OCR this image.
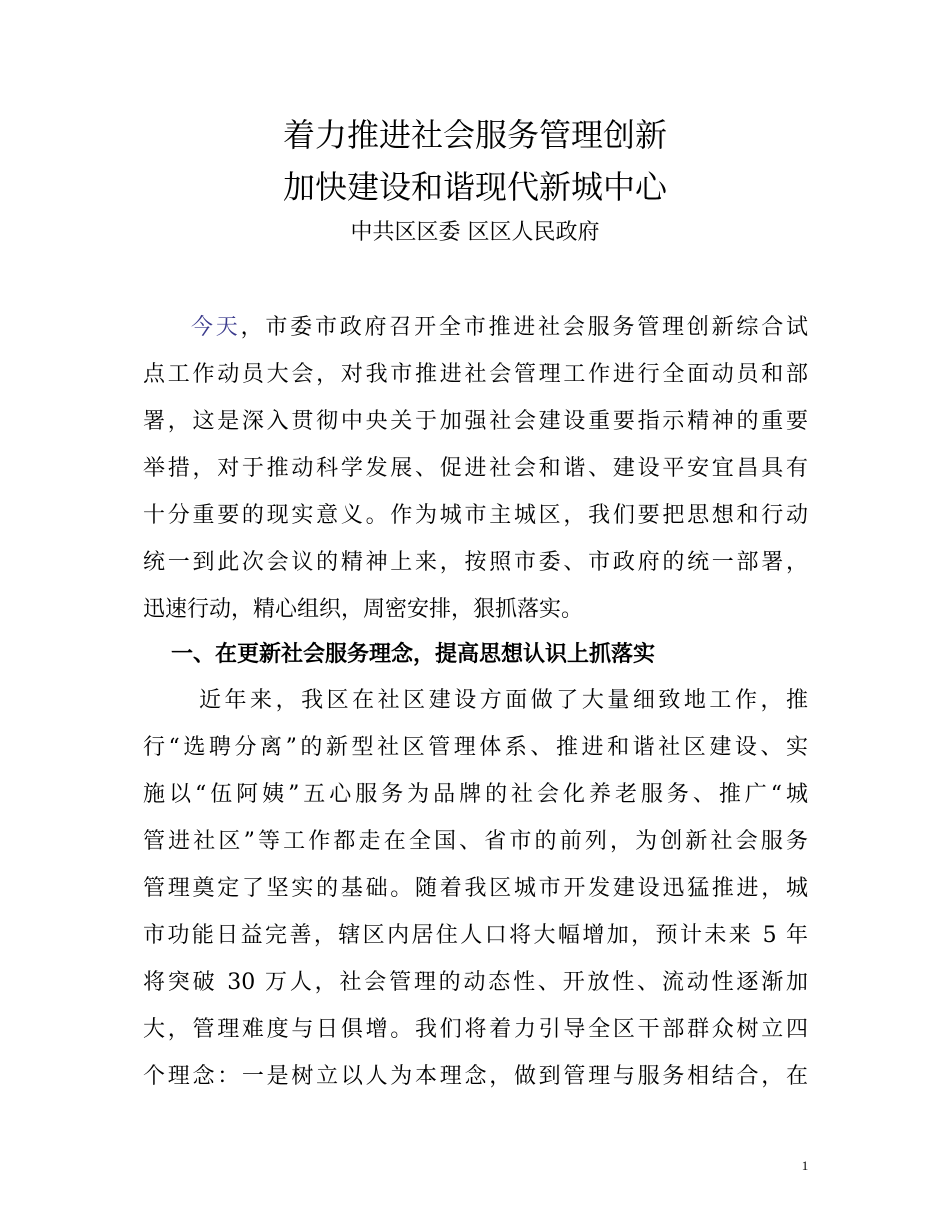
着力推进社会服务管理创新
加快建设和谐现代新城中心
中共区区委 区区人民政府
今天，市委市政府召开全市推进社会服务管理创新综合试
点工作动员大会，对我市推进社会管理工作进行全面动员和部
署，这是深入贯彻中央关于加强社会建设重要指示精神的重要
举措，对于推动科学发展、促进社会和谐、建设平安宜昌具有
十分重要的现实意义。作为城市主城区，我们要把思想和行动
统一到此次会议的精神上来，按照市委、市政府的统一部署，
迅速行动，精心组织，周密安排，狠抓落实。
一、在更新社会服务理念，提高思想认识上抓落实
近年来，我区在社区建设方面做了大量细致地工作，推
行“选聘分离”的新型社区管理体系、推进和谐社区建设、实
施以“伍阿姨”五心服务为品牌的社会化养老服务、推广“城
管进社区”等工作都走在全国、省市的前列，为创新社会服务
管理奠定了坚实的基础。随着我区城市开发建设迅猛推进，城
市功能日益完善，辖区内居住人口将大幅增加，预计未来 5 年
将突破 30 万人，社会管理的动态性、开放性、流动性逐渐加
大，管理难度与日俱增。我们将着力引导全区干部群众树立四
个理念：一是树立以人为本理念，做到管理与服务相结合，在
1
